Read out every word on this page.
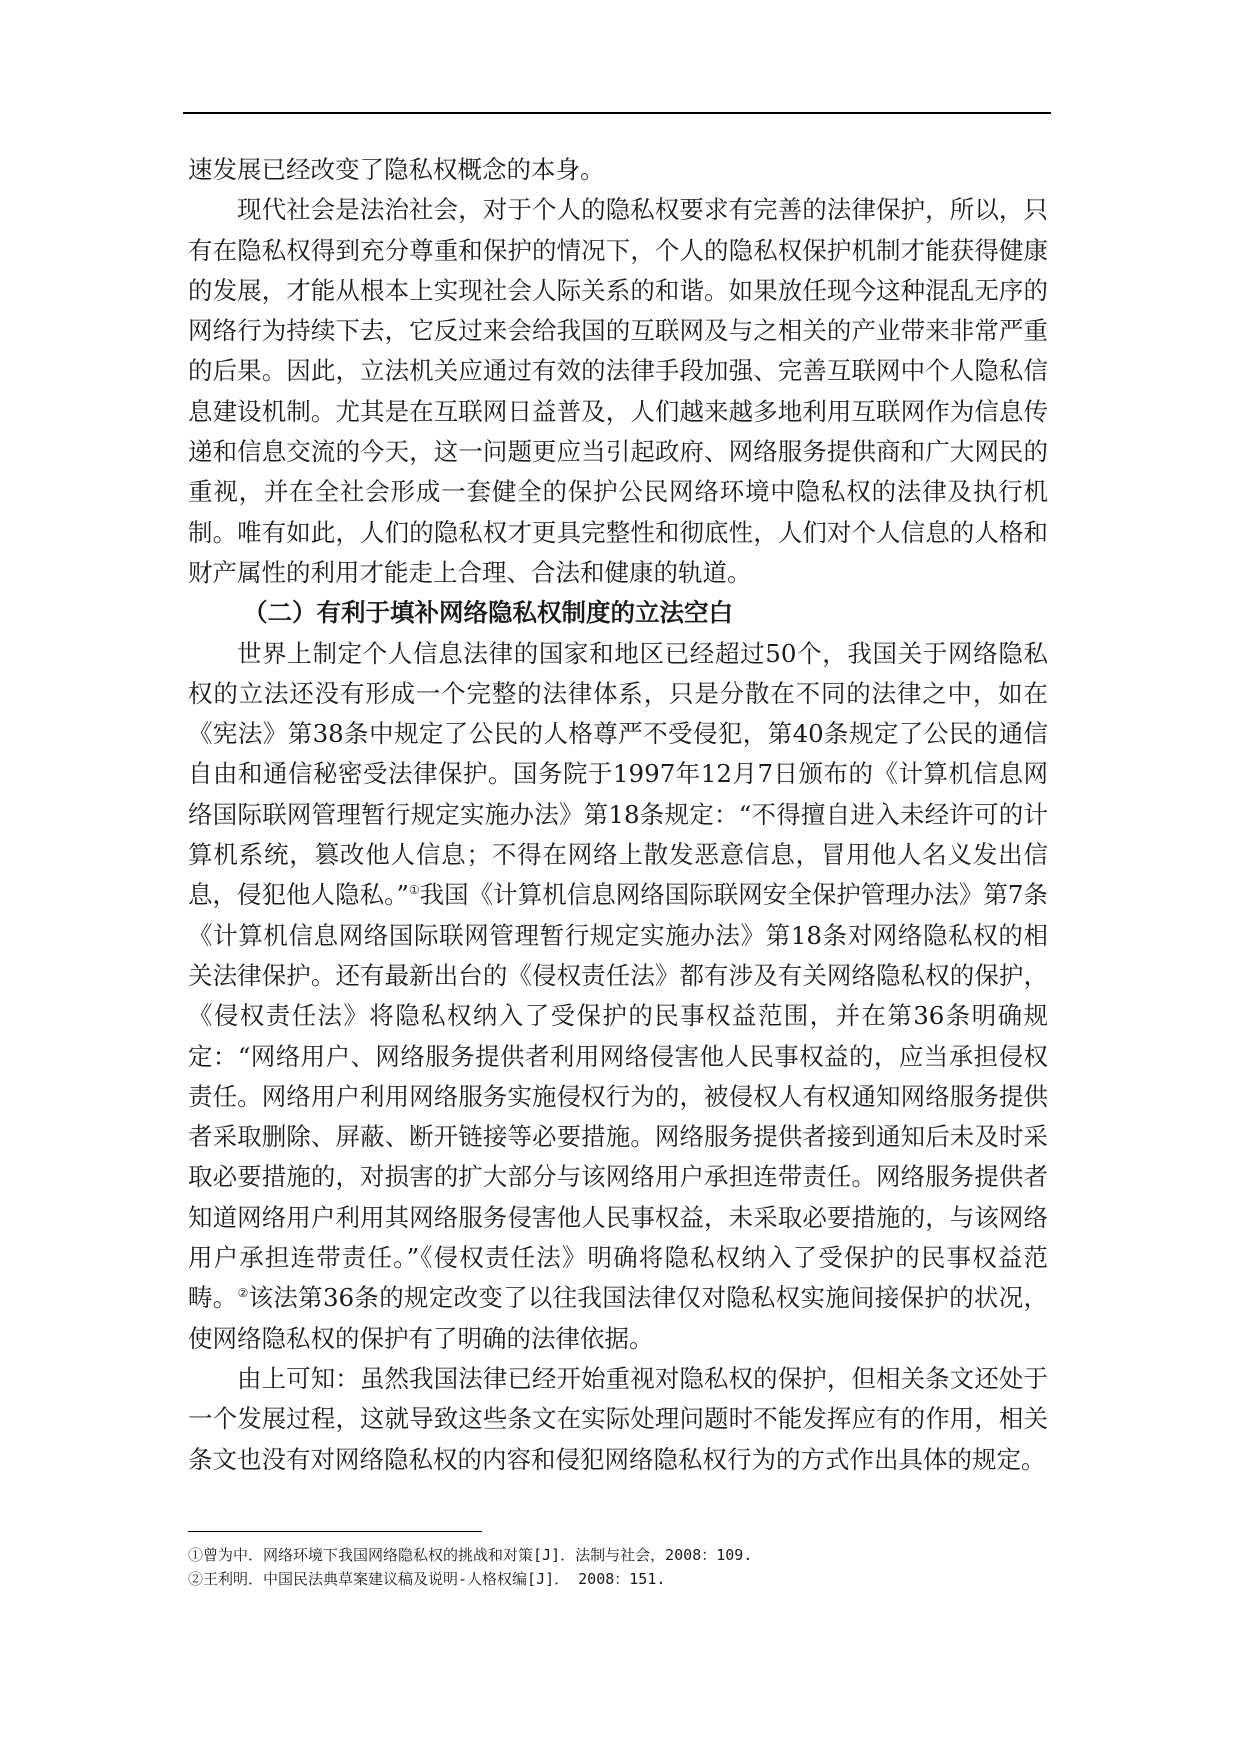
速发展已经改变了隐私权概念的本身。

现代社会是法治社会，对于个人的隐私权要求有完善的法律保护，所以，只有在隐私权得到充分尊重和保护的情况下，个人的隐私权保护机制才能获得健康的发展，才能从根本上实现社会人际关系的和谐。如果放任现今这种混乱无序的网络行为持续下去，它反过来会给我国的互联网及与之相关的产业带来非常严重的后果。因此，立法机关应通过有效的法律手段加强、完善互联网中个人隐私信息建设机制。尤其是在互联网日益普及，人们越来越多地利用互联网作为信息传递和信息交流的今天，这一问题更应当引起政府、网络服务提供商和广大网民的重视，并在全社会形成一套健全的保护公民网络环境中隐私权的法律及执行机制。唯有如此，人们的隐私权才更具完整性和彻底性，人们对个人信息的人格和财产属性的利用才能走上合理、合法和健康的轨道。

（二）有利于填补网络隐私权制度的立法空白

世界上制定个人信息法律的国家和地区已经超过50个，我国关于网络隐私权的立法还没有形成一个完整的法律体系，只是分散在不同的法律之中，如在《宪法》第38条中规定了公民的人格尊严不受侵犯，第40条规定了公民的通信自由和通信秘密受法律保护。国务院于1997年12月7日颁布的《计算机信息网络国际联网管理暂行规定实施办法》第18条规定：“不得擅自进入未经许可的计算机系统，篡改他人信息；不得在网络上散发恶意信息，冒用他人名义发出信息，侵犯他人隐私。”①我国《计算机信息网络国际联网安全保护管理办法》第7条《计算机信息网络国际联网管理暂行规定实施办法》第18条对网络隐私权的相关法律保护。还有最新出台的《侵权责任法》都有涉及有关网络隐私权的保护，《侵权责任法》将隐私权纳入了受保护的民事权益范围，并在第36条明确规定：“网络用户、网络服务提供者利用网络侵害他人民事权益的，应当承担侵权责任。网络用户利用网络服务实施侵权行为的，被侵权人有权通知网络服务提供者采取删除、屏蔽、断开链接等必要措施。网络服务提供者接到通知后未及时采取必要措施的，对损害的扩大部分与该网络用户承担连带责任。网络服务提供者知道网络用户利用其网络服务侵害他人民事权益，未采取必要措施的，与该网络用户承担连带责任。”《侵权责任法》明确将隐私权纳入了受保护的民事权益范畴。②该法第36条的规定改变了以往我国法律仅对隐私权实施间接保护的状况，使网络隐私权的保护有了明确的法律依据。

由上可知：虽然我国法律已经开始重视对隐私权的保护，但相关条文还处于一个发展过程，这就导致这些条文在实际处理问题时不能发挥应有的作用，相关条文也没有对网络隐私权的内容和侵犯网络隐私权行为的方式作出具体的规定。

①曾为中．网络环境下我国网络隐私权的挑战和对策[J]．法制与社会，2008：109.

②王利明．中国民法典草案建议稿及说明-人格权编[J]． 2008：151.
